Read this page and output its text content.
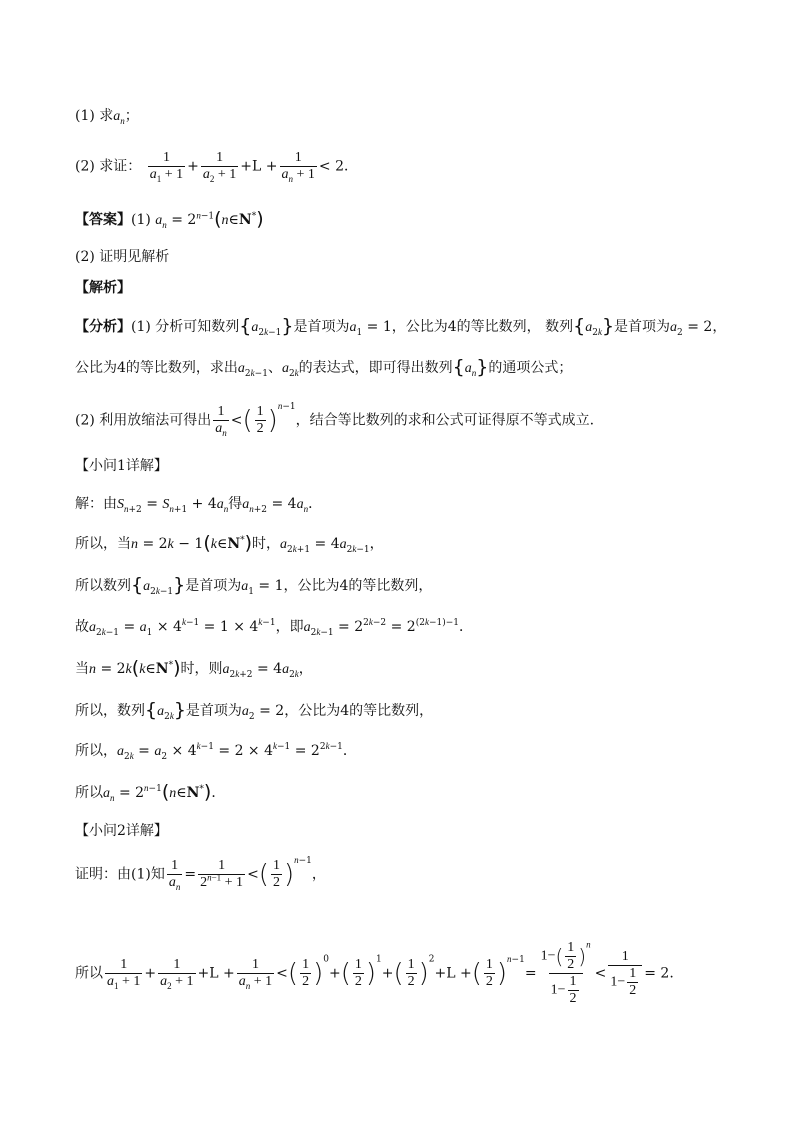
(1) 求$a_n$；
(2) 求证： $\frac{1}{a_1 + 1} + \frac{1}{a_2 + 1} +L + \frac{1}{a_n + 1} < 2$．
【答案】(1) $a_n$ = $2^{n-1}(n\in N^*)$
(2) 证明见解析
【解析】
【分析】(1) 分析可知数列$\{a_{2k-1}\}$是首项为$a_1 = 1$，公比为4的等比数列， 数列$\{a_{2k}\}$是首项为$a_2 = 2$，
公比为4的等比数列，求出$a_{2k-1}$、$a_{2k}$的表达式，即可得出数列$\{a_n\}$的通项公式；
(2) 利用放缩法可得出 $\frac{1}{a_n}$ <( $\frac{1}{2} )^{n-1}$，结合等比数列的求和公式可证得原不等式成立.
【小问1详解】
解：由$S_{n+2} = S_{n+1} + 4a_n$得$a_{n+2} = 4a_n$．
所以，当n = 2k − 1(k∈N*)时，$a_{2k+1} = 4a_{2k-1}$，
所以数列$\{a_{2k-1}\}$是首项为$a_1 = 1$，公比为4的等比数列，
故$a_{2k-1} = a_1 \times 4^{k-1} = 1 \times 4^{k-1}$，即$a_{2k-1} = 2^{2k-2} = 2^{(2k-1)-1}$．
当n = 2k(k∈N*)时，则$a_{2k+2} = 4a_{2k}$，
所以，数列$\{a_{2k}\}$是首项为$a_2 = 2$，公比为4的等比数列，
所以，$a_{2k} = a_2 \times 4^{k-1} = 2 \times 4^{k-1} = 2^{2k-1}$．
所以$a_n$ = $2^{n-1}(n\in N^*)$．
【小问2详解】
证明：由(1)知 $\frac{1}{a_n} = \frac{1}{2^{n-1} + 1}$ <( $\frac{1}{2} )^{n-1}$，
所以 $\frac{1}{a_1 + 1} + \frac{1}{a_2 + 1} +L + \frac{1}{a_n + 1}$ <( $\frac{1}{2} )^0+( \frac{1}{2} )^1+( \frac{1}{2} )^2+L$ +( $\frac{1}{2} )^{n-1}= \frac{1-( \frac{1}{2} )^n}{1- \frac{1}{2}} < \frac{1}{1- \frac{1}{2}} = 2$.
